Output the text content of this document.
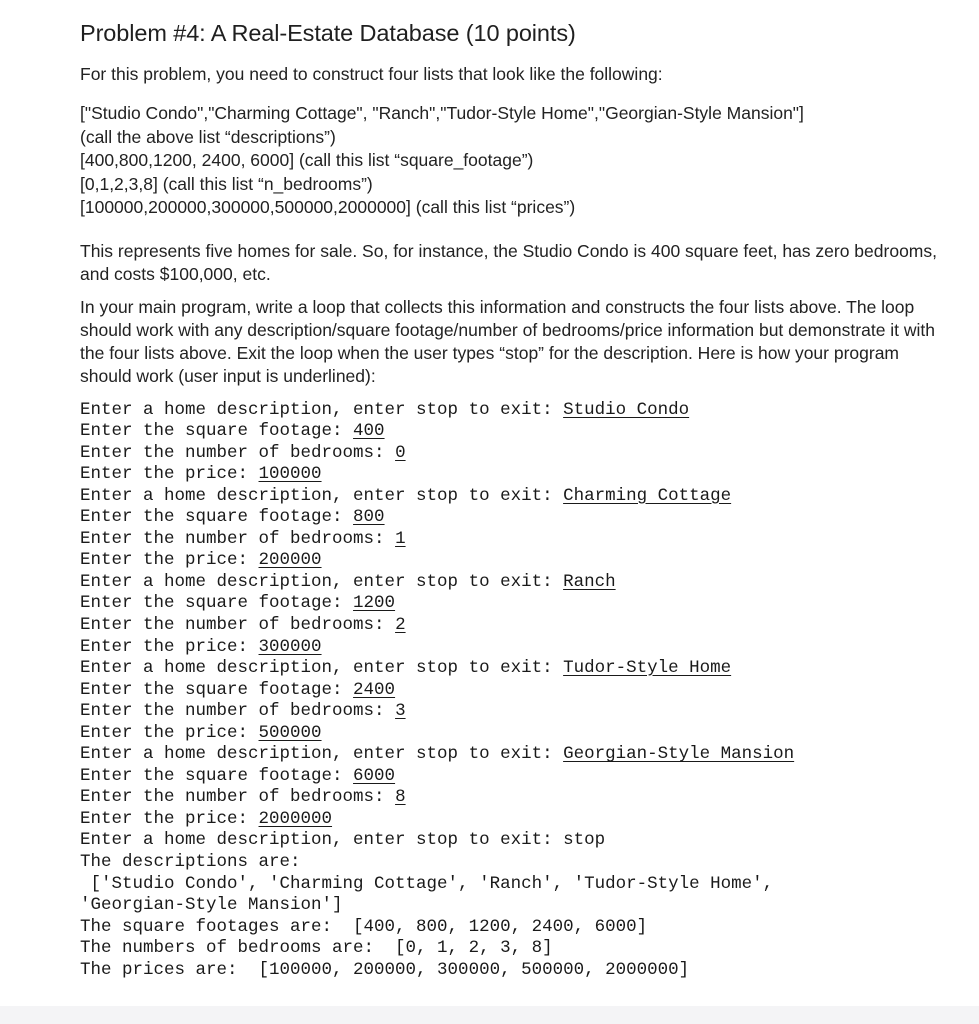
Problem #4: A Real-Estate Database (10 points)

For this problem, you need to construct four lists that look like the following:

["Studio Condo","Charming Cottage", "Ranch","Tudor-Style Home","Georgian-Style Mansion"]

(call the above list “descriptions”)

[400,800,1200, 2400, 6000] (call this list “square_footage”)

[0,1,2,3,8] (call this list “n_bedrooms”)

[100000,200000,300000,500000,2000000] (call this list “prices”)

This represents five homes for sale. So, for instance, the Studio Condo is 400 square feet, has zero bedrooms, and costs $100,000, etc.

In your main program, write a loop that collects this information and constructs the four lists above. The loop should work with any description/square footage/number of bedrooms/price information but demonstrate it with the four lists above. Exit the loop when the user types “stop” for the description. Here is how your program should work (user input is underlined):

Enter a home description, enter stop to exit: Studio Condo
Enter the square footage: 400
Enter the number of bedrooms: 0
Enter the price: 100000
Enter a home description, enter stop to exit: Charming Cottage
Enter the square footage: 800
Enter the number of bedrooms: 1
Enter the price: 200000
Enter a home description, enter stop to exit: Ranch
Enter the square footage: 1200
Enter the number of bedrooms: 2
Enter the price: 300000
Enter a home description, enter stop to exit: Tudor-Style Home
Enter the square footage: 2400
Enter the number of bedrooms: 3
Enter the price: 500000
Enter a home description, enter stop to exit: Georgian-Style Mansion
Enter the square footage: 6000
Enter the number of bedrooms: 8
Enter the price: 2000000
Enter a home description, enter stop to exit: stop
The descriptions are:
['Studio Condo', 'Charming Cottage', 'Ranch', 'Tudor-Style Home',
'Georgian-Style Mansion']
The square footages are:  [400, 800, 1200, 2400, 6000]
The numbers of bedrooms are:  [0, 1, 2, 3, 8]
The prices are:  [100000, 200000, 300000, 500000, 2000000]
